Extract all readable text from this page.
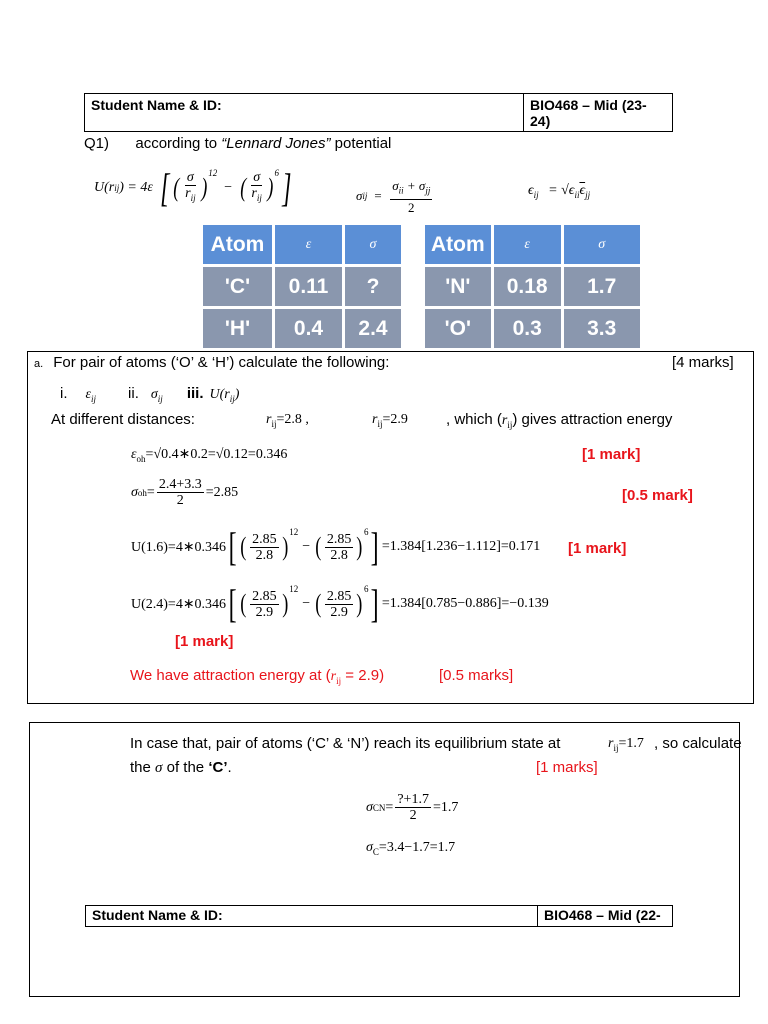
Student Name & ID:	BIO468 – Mid (23-24)
Q1) according to “Lennard Jones” potential
U(r ij ) = 4ε [ ( $\frac{\sigma}{r_{ij}} )^{12}$
− ( $\frac{\sigma}{r_{ij}} )^6$ ]	σ ij = $\frac{\sigma_{ii} + \sigma_{jj}}{2}$	$\epsilon_{ij} = √\epsilon_{ii}\overline{\epsilon}_{jj}$
Atom	ε	σ
'C'	0.11	?
'H'	0.4	2.4
Atom	ε	σ
'N'	0.18	1.7
'O'	0.3	3.3
a. For pair of atoms (‘O’ & ‘H’) calculate the following:	[4 marks]
i. $\varepsilon_{ij}$ ii. $\sigma_{ij}$ iii. $U(r_{ij})$
At different distances:	$r_{ij}=2.8$ ,	$r_{ij}=2.9$	, which $(r_{ij})$ gives attraction energy
$\varepsilon_{oh}=√0.4∗0.2=√0.12=0.346$	[1 mark]
σ oh = $\frac{2.4+3.3}{2} =2.85$	[0.5 mark]
U(1.6)=4∗0.346 [ ( $\frac{2.85}{2.8} )^{12}$
− ( $\frac{2.85}{2.8} )^6$ ] =1.384[1.236−1.112]=0.171 [1 mark]
U(2.4)=4∗0.346 [ ( $\frac{2.85}{2.9} )^{12}$
− ( $\frac{2.85}{2.9} )^6$ ] =1.384[0.785−0.886]=−0.139
[1 mark]
We have attraction energy at $(r_{ij} = 2.9)$	[0.5 marks]
In case that, pair of atoms (‘C’ & ‘N’) reach its equilibrium state at	$r_{ij}=1.7$ , so calculate
the σ of the ‘C’.	[1 marks]
σ CN = $\frac{?+1.7}{2} =1.7$
$\sigma_C=3.4-1.7=1.7$
Student Name & ID:	BIO468 – Mid (22-
